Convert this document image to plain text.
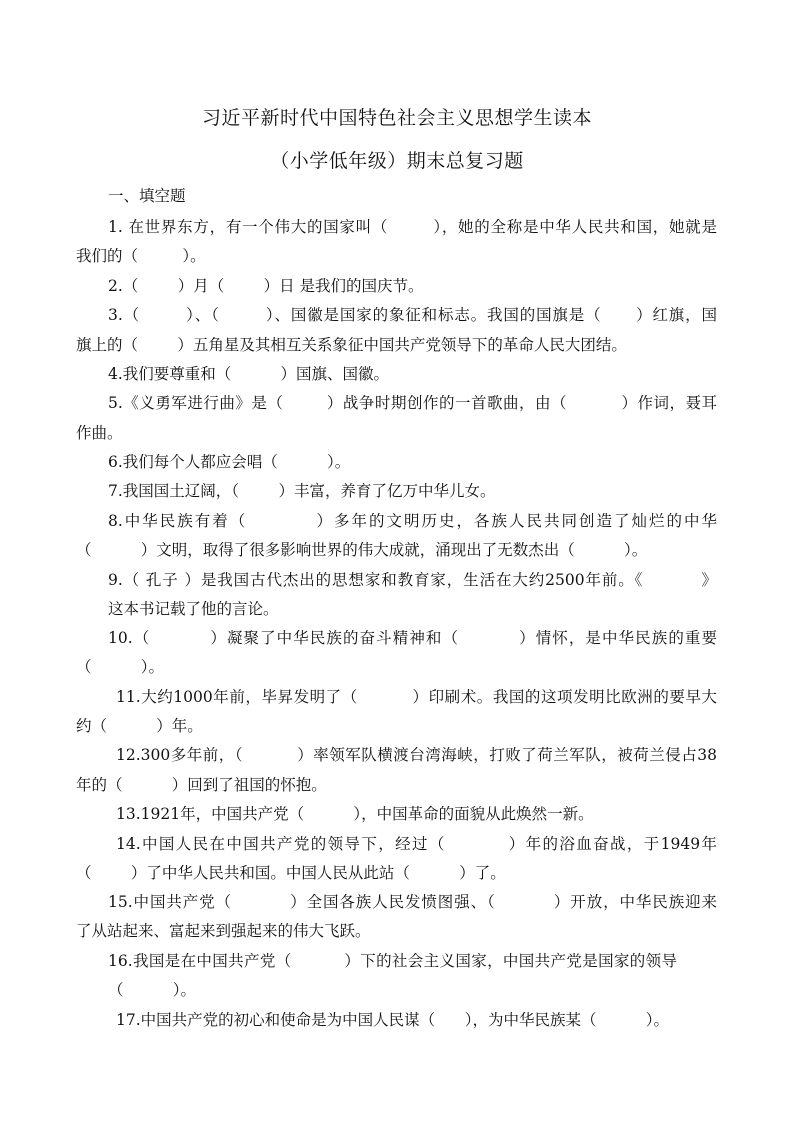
习近平新时代中国特色社会主义思想学生读本
（小学低年级）期末总复习题
一、填空题
1. 在世界东方，有一个伟大的国家叫（        ），她的全称是中华人民共和国，她就是
我们的（         ）。
2.（        ）月（        ）日 是我们的国庆节。
3.（        ）、（        ）、国徽是国家的象征和标志。我国的国旗是（      ）红旗，国
旗上的（        ）五角星及其相互关系象征中国共产党领导下的革命人民大团结。
4.我们要尊重和（          ）国旗、国徽。
5.《义勇军进行曲》是（        ）战争时期创作的一首歌曲，由（          ）作词，聂耳
作曲。
6.我们每个人都应会唱（          ）。
7.我国国土辽阔，（        ）丰富，养育了亿万中华儿女。
8.中华民族有着（          ）多年的文明历史，各族人民共同创造了灿烂的中华
（          ）文明，取得了很多影响世界的伟大成就，涌现出了无数杰出（          ）。
9.（ 孔子 ）是我国古代杰出的思想家和教育家，生活在大约2500年前。《          》
这本书记载了他的言论。
10.（          ）凝聚了中华民族的奋斗精神和（          ）情怀，是中华民族的重要
（          ）。
11.大约1000年前，毕昇发明了（          ）印刷术。我国的这项发明比欧洲的要早大
约（          ）年。
12.300多年前，（          ）率领军队横渡台湾海峡，打败了荷兰军队，被荷兰侵占38
年的（          ）回到了祖国的怀抱。
13.1921年，中国共产党（          ），中国革命的面貌从此焕然一新。
14.中国人民在中国共产党的领导下，经过（          ）年的浴血奋战，于1949年
（        ）了中华人民共和国。中国人民从此站（          ）了。
15.中国共产党（          ）全国各族人民发愤图强、（          ）开放，中华民族迎来
了从站起来、富起来到强起来的伟大飞跃。
16.我国是在中国共产党（          ）下的社会主义国家，中国共产党是国家的领导
（          ）。
17.中国共产党的初心和使命是为中国人民谋（      ），为中华民族某（          ）。
